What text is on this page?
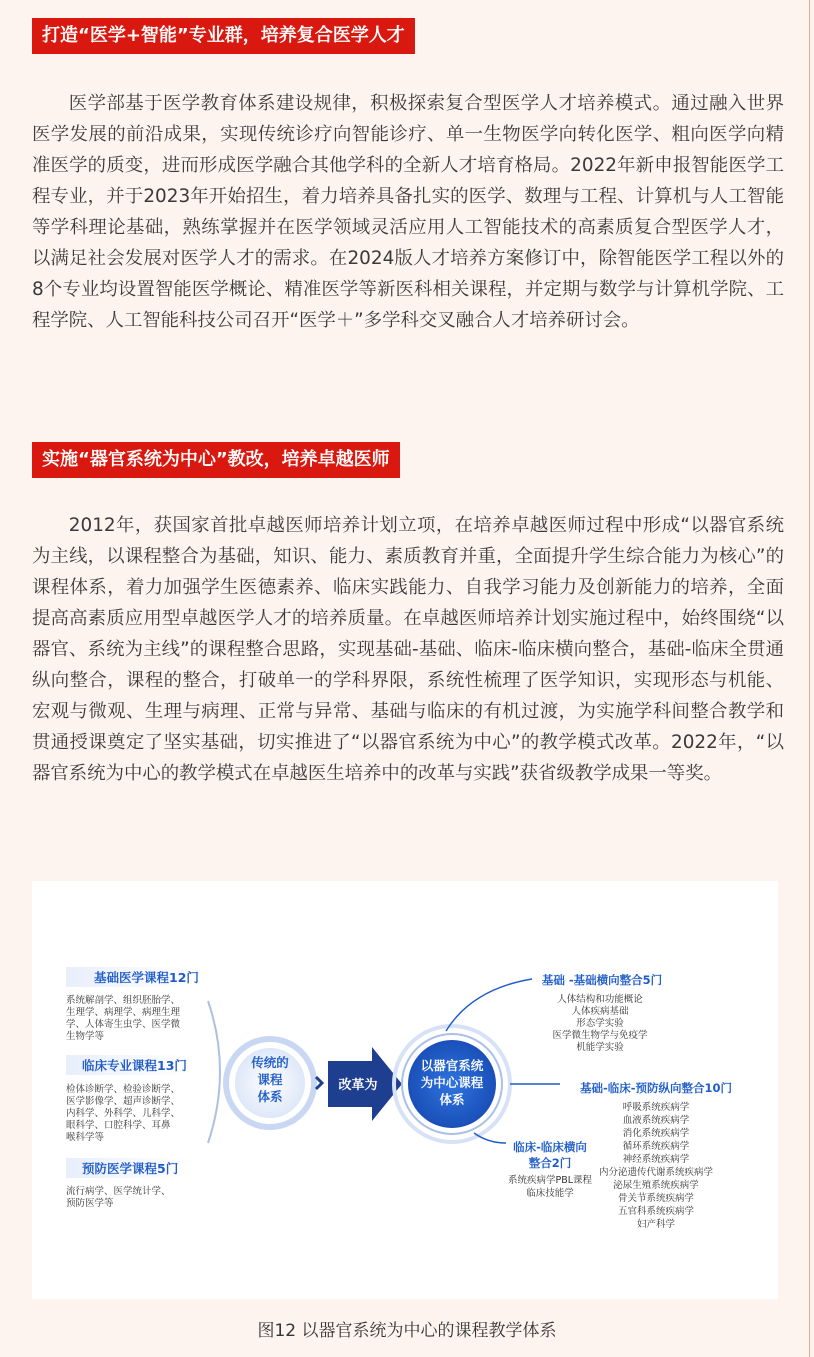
打造“医学+智能”专业群，培养复合医学人才

医学部基于医学教育体系建设规律，积极探索复合型医学人才培养模式。通过融入世界医学发展的前沿成果，实现传统诊疗向智能诊疗、单一生物医学向转化医学、粗向医学向精准医学的质变，进而形成医学融合其他学科的全新人才培育格局。2022年新申报智能医学工程专业，并于2023年开始招生，着力培养具备扎实的医学、数理与工程、计算机与人工智能等学科理论基础，熟练掌握并在医学领域灵活应用人工智能技术的高素质复合型医学人才，以满足社会发展对医学人才的需求。在2024版人才培养方案修订中，除智能医学工程以外的8个专业均设置智能医学概论、精准医学等新医科相关课程，并定期与数学与计算机学院、工程学院、人工智能科技公司召开“医学＋”多学科交叉融合人才培养研讨会。

实施“器官系统为中心”教改，培养卓越医师

2012年，获国家首批卓越医师培养计划立项，在培养卓越医师过程中形成“以器官系统为主线，以课程整合为基础，知识、能力、素质教育并重，全面提升学生综合能力为核心”的课程体系，着力加强学生医德素养、临床实践能力、自我学习能力及创新能力的培养，全面提高高素质应用型卓越医学人才的培养质量。在卓越医师培养计划实施过程中，始终围绕“以器官、系统为主线”的课程整合思路，实现基础-基础、临床-临床横向整合，基础-临床全贯通纵向整合，课程的整合，打破单一的学科界限，系统性梳理了医学知识，实现形态与机能、宏观与微观、生理与病理、正常与异常、基础与临床的有机过渡，为实施学科间整合教学和贯通授课奠定了坚实基础，切实推进了“以器官系统为中心”的教学模式改革。2022年，“以器官系统为中心的教学模式在卓越医生培养中的改革与实践”获省级教学成果一等奖。

基础医学课程12门
系统解剖学、组织胚胎学、
生理学、病理学、病理生理
学、人体寄生虫学、医学微
生物学等
临床专业课程13门
检体诊断学、检验诊断学、
医学影像学、超声诊断学、
内科学、外科学、儿科学、
眼科学、口腔科学、耳鼻
喉科学等
预防医学课程5门
流行病学、医学统计学、
预防医学等
传统的
课程
体系
改革为
以器官系统
为中心课程
体系
基础 -基础横向整合5门
人体结构和功能概论
人体疾病基础
形态学实验
医学微生物学与免疫学
机能学实验
基础-临床-预防纵向整合10门
呼吸系统疾病学
血液系统疾病学
消化系统疾病学
循环系统疾病学
神经系统疾病学
内分泌遗传代谢系统疾病学
泌尿生殖系统疾病学
骨关节系统疾病学
五官科系统疾病学
妇产科学
临床-临床横向
整合2门
系统疾病学PBL课程
临床技能学
图12 以器官系统为中心的课程教学体系
